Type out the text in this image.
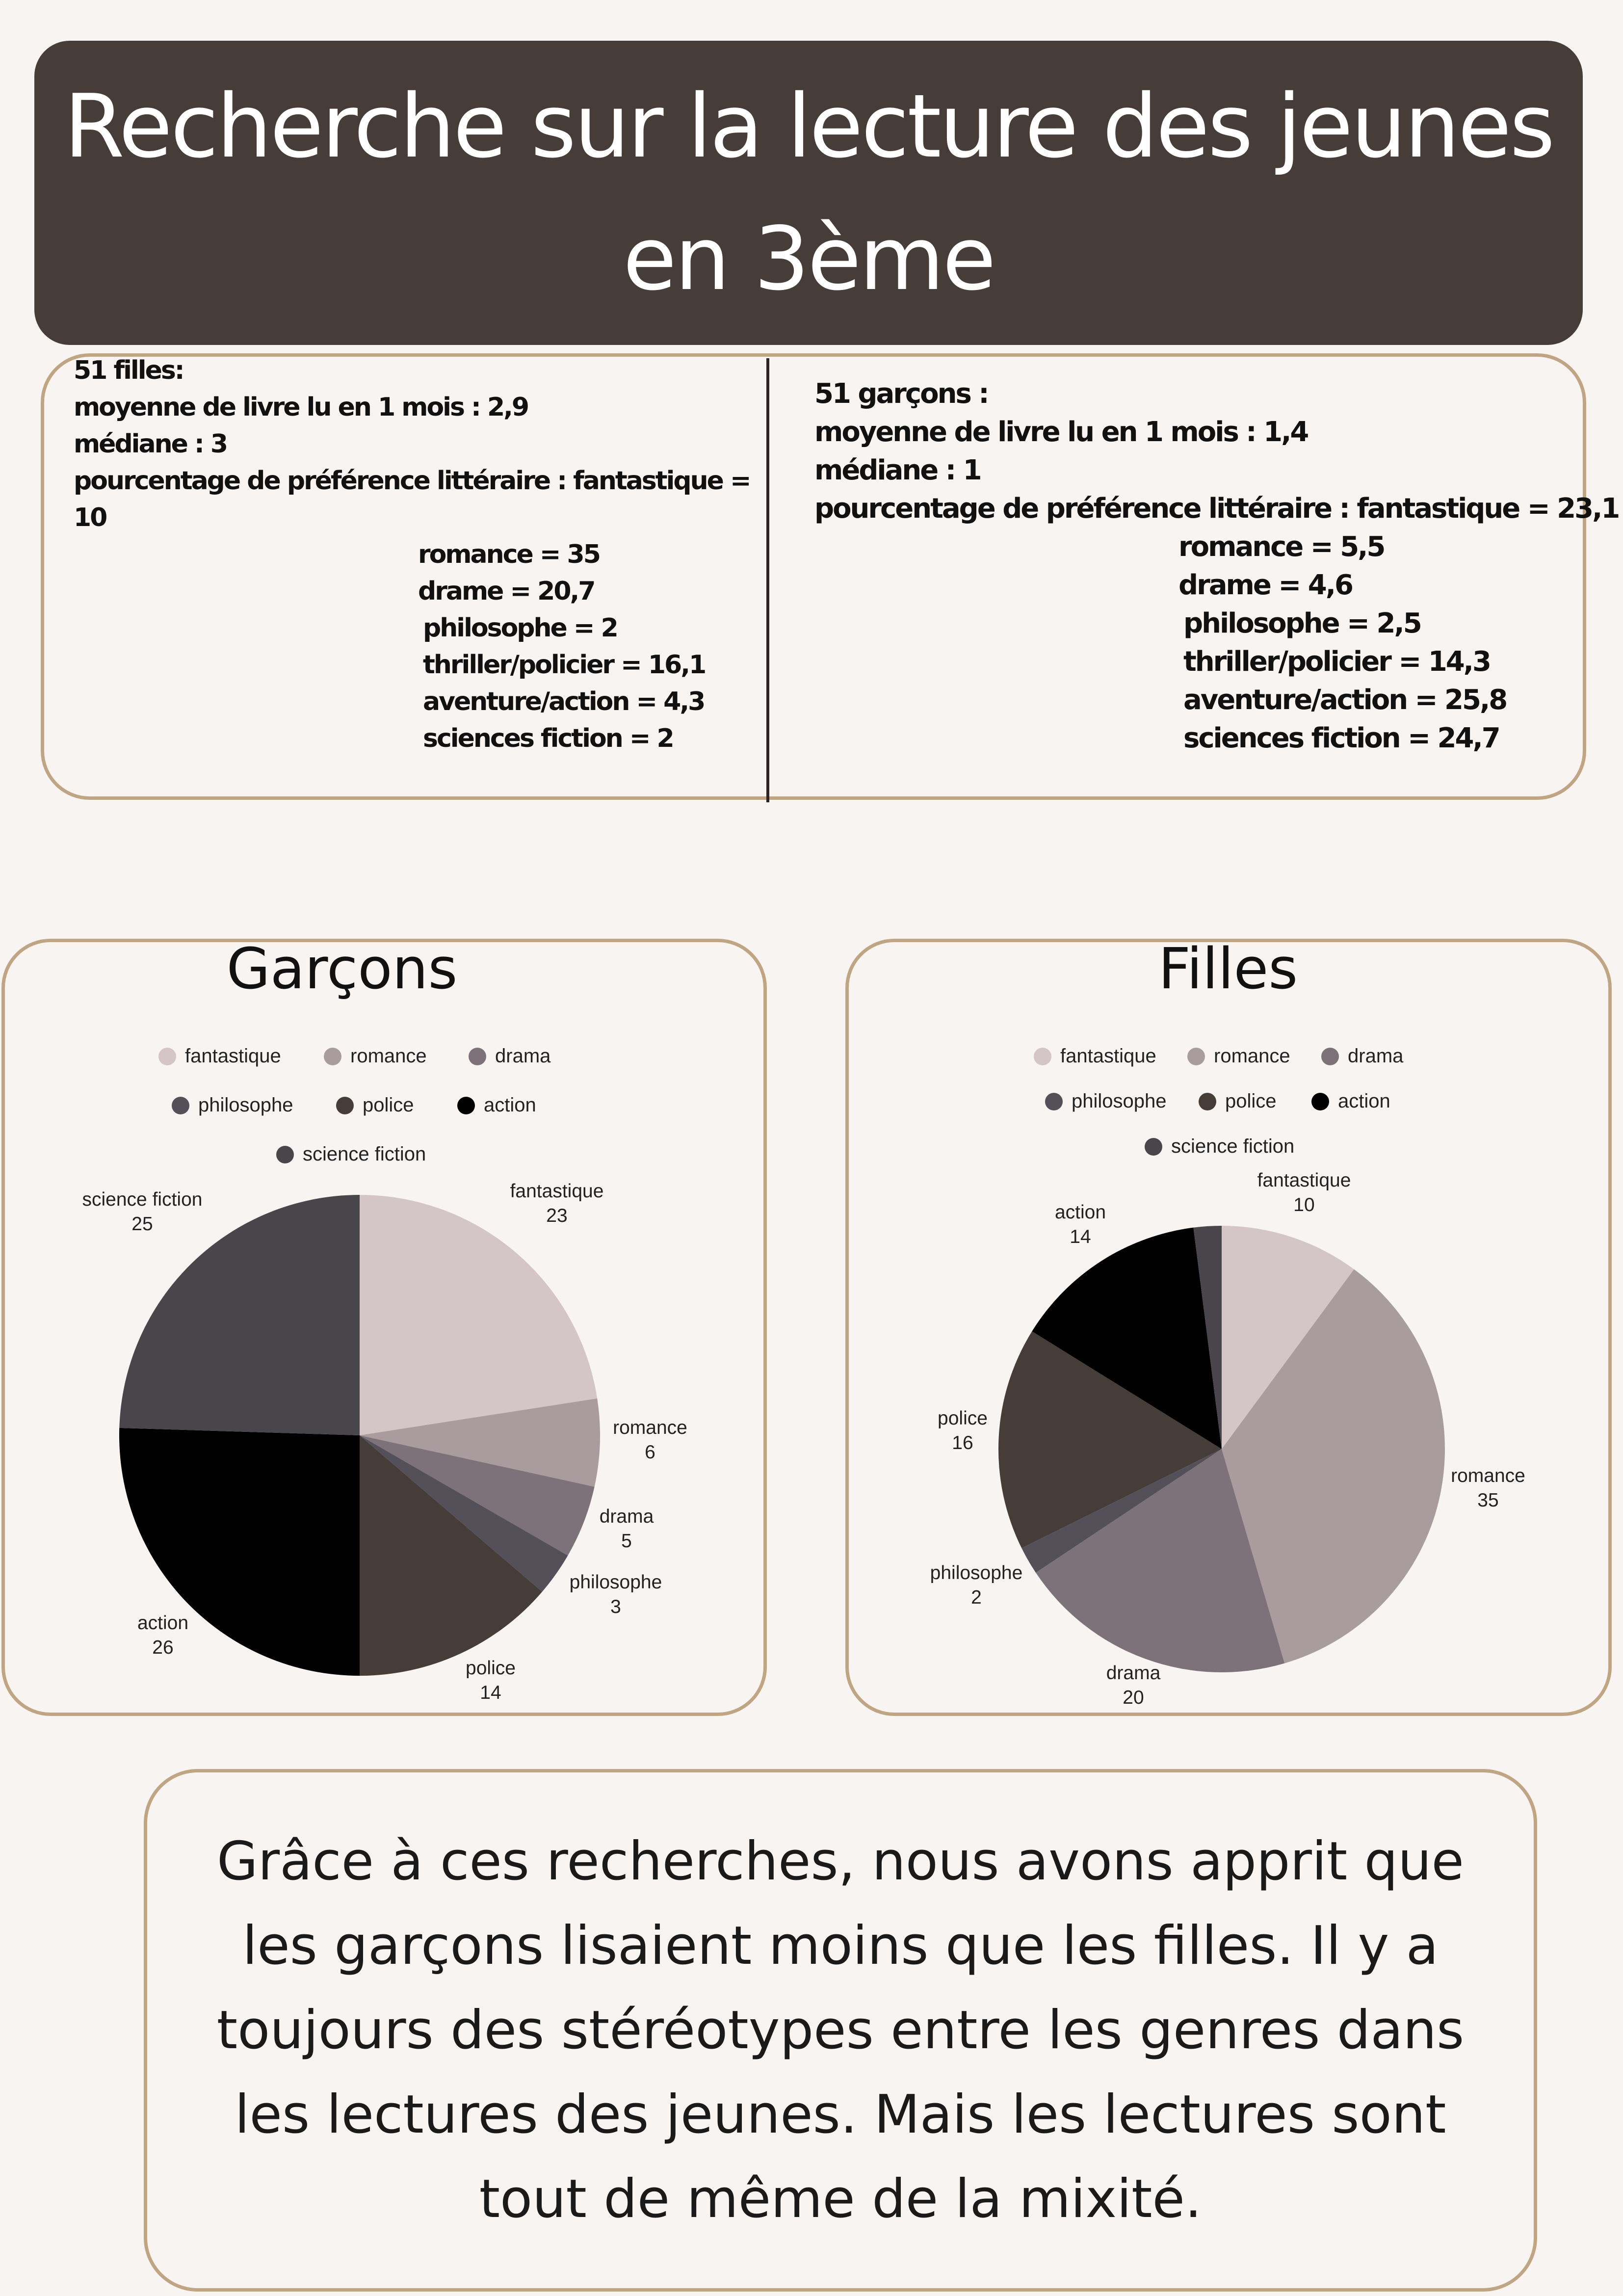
Recherche sur la lecture des jeunes en 3ème
51 filles:
moyenne de livre lu en 1 mois : 2,9
médiane : 3
pourcentage de préférence littéraire : fantastique =
10
romance = 35
drame = 20,7
philosophe = 2
thriller/policier = 16,1
aventure/action = 4,3
sciences fiction = 2
51 garçons :
moyenne de livre lu en 1 mois : 1,4
médiane : 1
pourcentage de préférence littéraire : fantastique = 23,1
romance = 5,5
drame = 4,6
philosophe = 2,5
thriller/policier = 14,3
aventure/action = 25,8
sciences fiction = 24,7
Garçons	Filles
fantastique	romance	drama
philosophe	police	action
science fiction
fantastique	romance	drama
philosophe	police	action
science fiction
fantastique 23
romance 6
drama 5
philosophe 3
police 14
action 26
science fiction 25
fantastique 10
romance 35
drama 20
philosophe 2
police 16
action 14

Grâce à ces recherches, nous avons apprit que les garçons lisaient moins que les filles. Il y a toujours des stéréotypes entre les genres dans les lectures des jeunes. Mais les lectures sont tout de même de la mixité.
